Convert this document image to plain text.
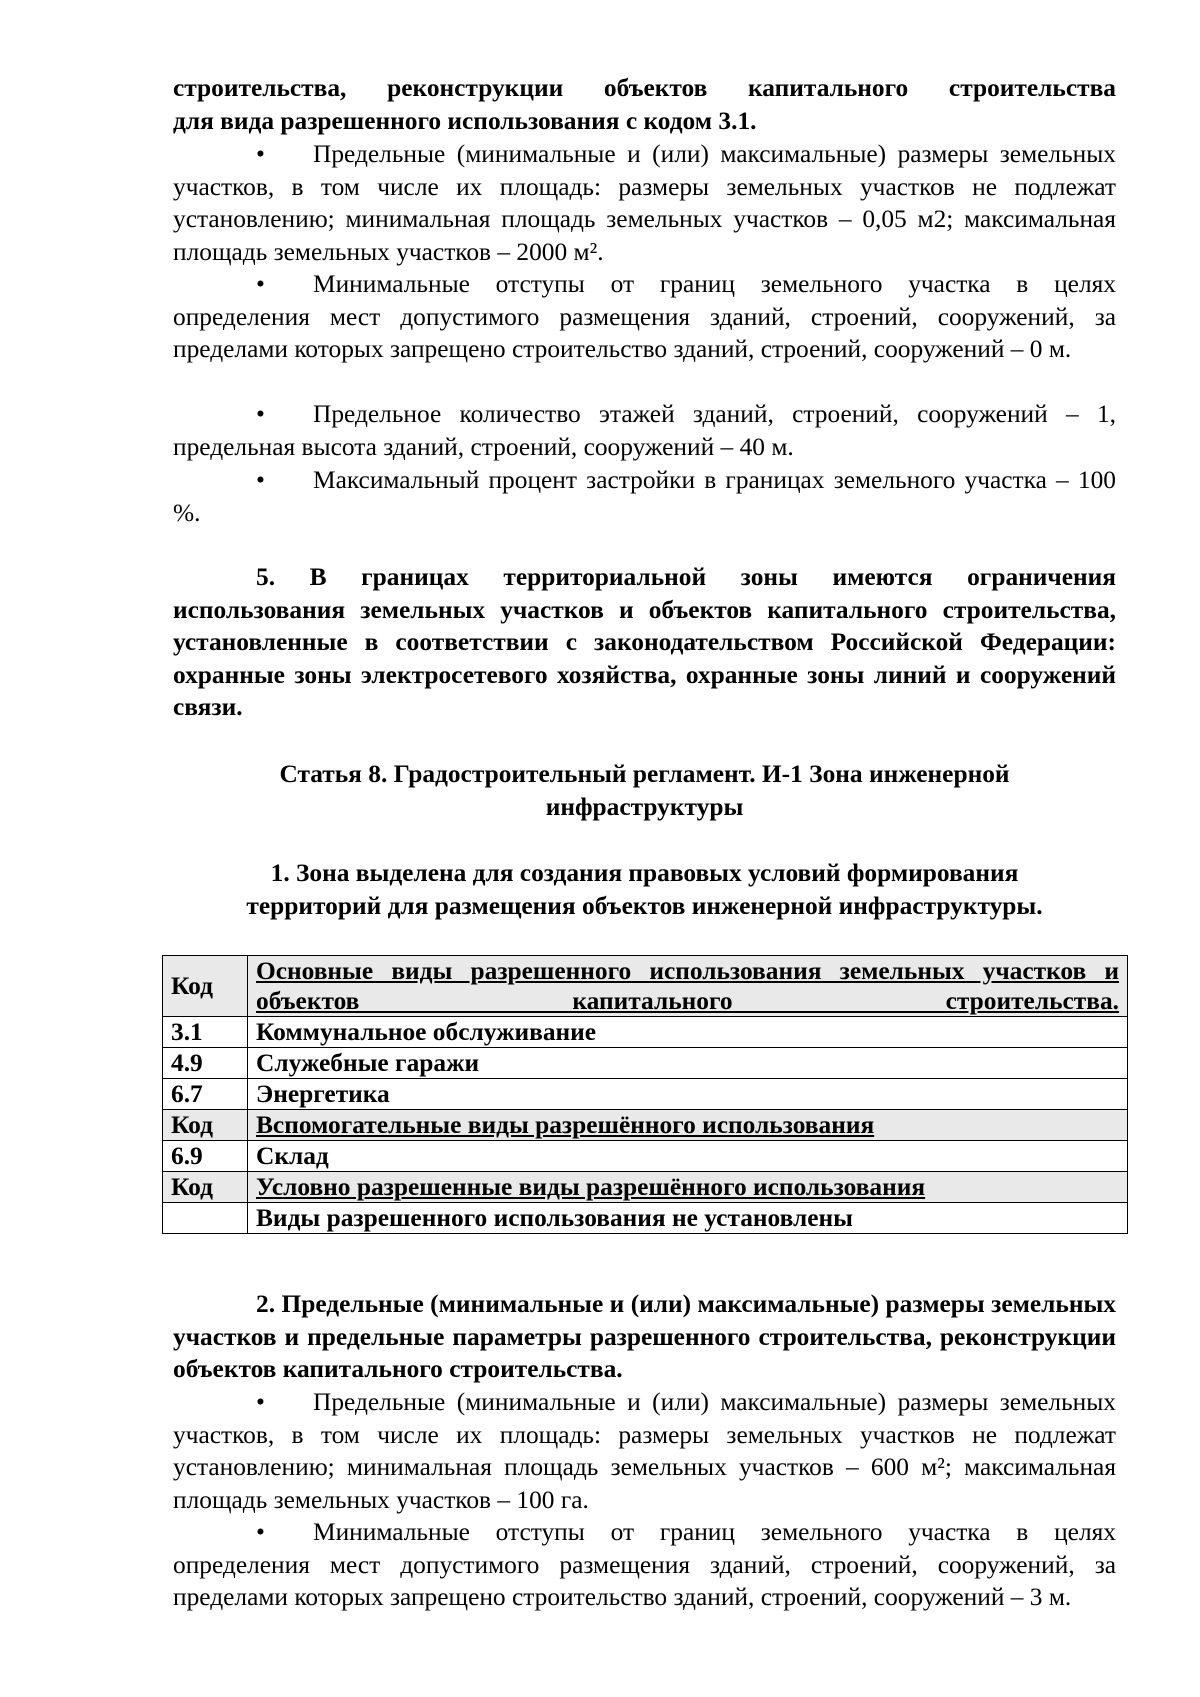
строительства, реконструкции объектов капитального строительства

для вида разрешенного использования с кодом 3.1.

• Предельные (минимальные и (или) максимальные) размеры земельных участков, в том числе их площадь: размеры земельных участков не подлежат установлению; минимальная площадь земельных участков – 0,05 м2; максимальная площадь земельных участков – 2000 м².

• Минимальные отступы от границ земельного участка в целях определения мест допустимого размещения зданий, строений, сооружений, за пределами которых запрещено строительство зданий, строений, сооружений – 0 м.

• Предельное количество этажей зданий, строений, сооружений – 1, предельная высота зданий, строений, сооружений – 40 м.

• Максимальный процент застройки в границах земельного участка – 100 %.

5. В границах территориальной зоны имеются ограничения использования земельных участков и объектов капитального строительства, установленные в соответствии с законодательством Российской Федерации: охранные зоны электросетевого хозяйства, охранные зоны линий и сооружений связи.

Статья 8. Градостроительный регламент. И-1 Зона инженерной

инфраструктуры

1. Зона выделена для создания правовых условий формирования

территорий для размещения объектов инженерной инфраструктуры.

Код	Основные виды разрешенного использования земельных участков и объектов капитального строительства.
3.1	Коммунальное обслуживание
4.9	Служебные гаражи
6.7	Энергетика
Код	Вспомогательные виды разрешённого использования
6.9	Склад
Код	Условно разрешенные виды разрешённого использования
	Виды разрешенного использования не установлены

2. Предельные (минимальные и (или) максимальные) размеры земельных участков и предельные параметры разрешенного строительства, реконструкции объектов капитального строительства.

• Предельные (минимальные и (или) максимальные) размеры земельных участков, в том числе их площадь: размеры земельных участков не подлежат установлению; минимальная площадь земельных участков – 600 м²; максимальная площадь земельных участков – 100 га.

• Минимальные отступы от границ земельного участка в целях определения мест допустимого размещения зданий, строений, сооружений, за пределами которых запрещено строительство зданий, строений, сооружений – 3 м.
